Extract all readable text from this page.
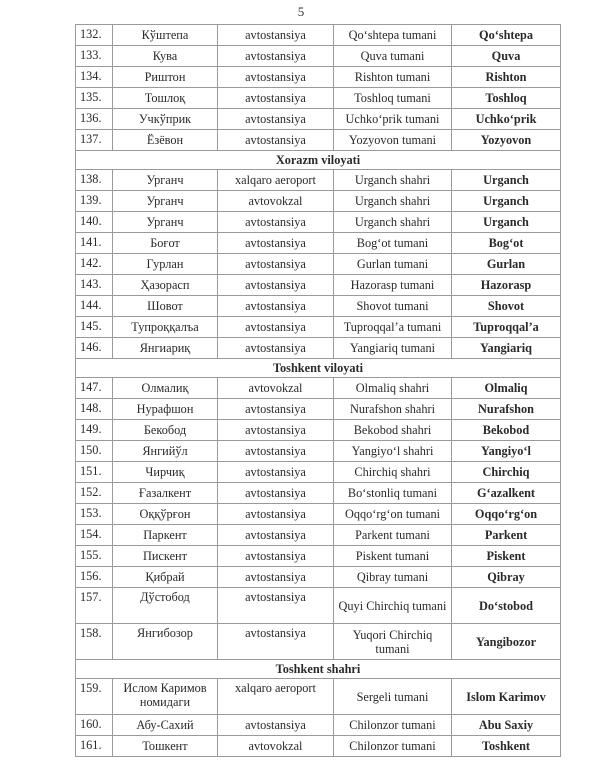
5
132.	Кўштепа	avtostansiya	Qo‘shtepa tumani	Qo‘shtepa
133.	Кува	avtostansiya	Quva tumani	Quva
134.	Риштон	avtostansiya	Rishton tumani	Rishton
135.	Тошлоқ	avtostansiya	Toshloq tumani	Toshloq
136.	Учкўприк	avtostansiya	Uchko‘prik tumani	Uchko‘prik
137.	Ёзёвон	avtostansiya	Yozyovon tumani	Yozyovon
Xorazm viloyati				
138.	Урганч	xalqaro aeroport	Urganch shahri	Urganch
139.	Урганч	avtovokzal	Urganch shahri	Urganch
140.	Урганч	avtostansiya	Urganch shahri	Urganch
141.	Боғот	avtostansiya	Bog‘ot tumani	Bog‘ot
142.	Гурлан	avtostansiya	Gurlan tumani	Gurlan
143.	Ҳазорасп	avtostansiya	Hazorasp tumani	Hazorasp
144.	Шовот	avtostansiya	Shovot tumani	Shovot
145.	Тупроққалъа	avtostansiya	Tuproqqal’a tumani	Tuproqqal’a
146.	Янгиариқ	avtostansiya	Yangiariq tumani	Yangiariq
Toshkent viloyati				
147.	Олмалиқ	avtovokzal	Olmaliq shahri	Olmaliq
148.	Нурафшон	avtostansiya	Nurafshon shahri	Nurafshon
149.	Бекобод	avtostansiya	Bekobod shahri	Bekobod
150.	Янгийўл	avtostansiya	Yangiyo‘l shahri	Yangiyo‘l
151.	Чирчиқ	avtostansiya	Chirchiq shahri	Chirchiq
152.	Ғазалкент	avtostansiya	Bo‘stonliq tumani	G‘azalkent
153.	Оққўрғон	avtostansiya	Oqqo‘rg‘on tumani	Oqqo‘rg‘on
154.	Паркент	avtostansiya	Parkent tumani	Parkent
155.	Пискент	avtostansiya	Piskent tumani	Piskent
156.	Қибрай	avtostansiya	Qibray tumani	Qibray
157.	Дўстобод	avtostansiya	Quyi Chirchiq tumani	Do‘stobod
158.	Янгибозор	avtostansiya	Yuqori Chirchiq tumani	Yangibozor
Toshkent shahri				
159.	Ислом Каримов номидаги	xalqaro aeroport	Sergeli tumani	Islom Karimov
160.	Абу-Сахий	avtostansiya	Chilonzor tumani	Abu Saxiy
161.	Тошкент	avtovokzal	Chilonzor tumani	Toshkent
